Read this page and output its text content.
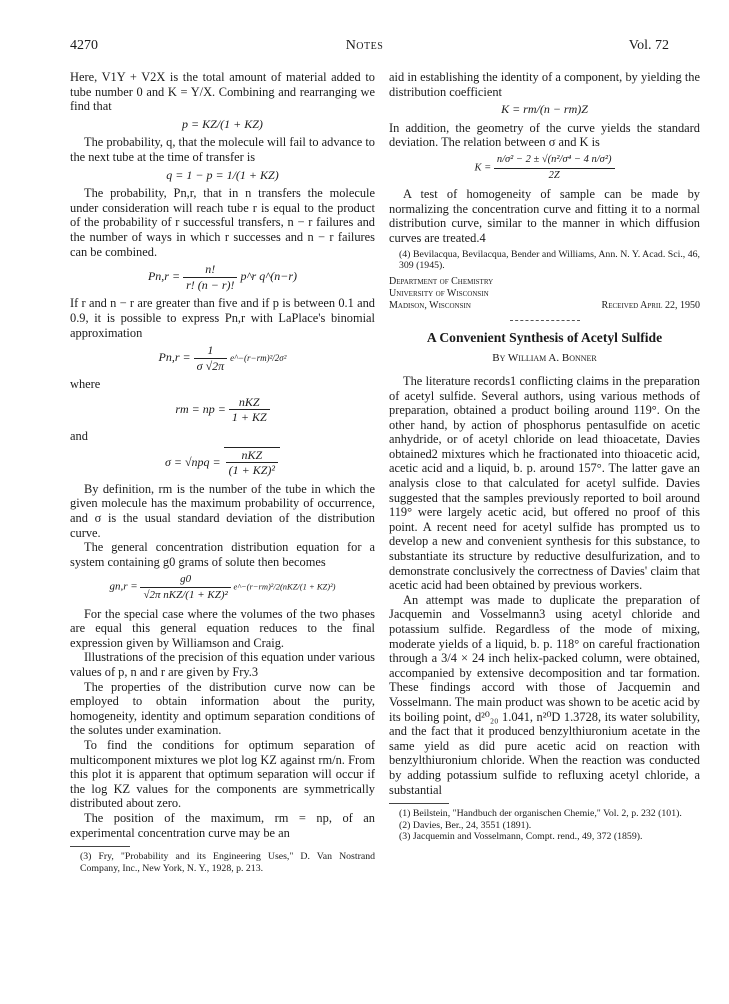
4270	Notes	Vol. 72

Here, V1Y + V2X is the total amount of material added to tube number 0 and K = Y/X. Combining and rearranging we find that

p = KZ/(1 + KZ)

The probability, q, that the molecule will fail to advance to the next tube at the time of transfer is

q = 1 − p = 1/(1 + KZ)

The probability, Pn,r, that in n transfers the molecule under consideration will reach tube r is equal to the product of the probability of r successful transfers, n − r failures and the number of ways in which r successes and n − r failures can be combined.

$Pn,r = \frac{n!}{r! (n - r)!}$ p^r q^(n−r)

If r and n − r are greater than five and if p is between 0.1 and 0.9, it is possible to express Pn,r with LaPlace's binomial approximation

$Pn,r = \frac{1}{\sigma √2\pi}$ e^−(r−rm)²/2σ²

where

rm = np = $\frac{\text{nKZ}}{1 + KZ}$

and

$\sigma = √npq = \frac{\text{nKZ}}{\text{(1 + KZ)²}}$

By definition, rm is the number of the tube in which the given molecule has the maximum probability of occurrence, and σ is the usual standard deviation of the distribution curve.

The general concentration distribution equation for a system containing g0 grams of solute then becomes

$gn,r = \frac{g0}{\text{√2π nKZ/(1 + KZ)²}}$ e^−(r−rm)²/2(nKZ/(1 + KZ)²)

For the special case where the volumes of the two phases are equal this general equation reduces to the final expression given by Williamson and Craig.

Illustrations of the precision of this equation under various values of p, n and r are given by Fry.3

The properties of the distribution curve now can be employed to obtain information about the purity, homogeneity, identity and optimum separation conditions of the solutes under examination.

To find the conditions for optimum separation of multicomponent mixtures we plot log KZ against rm/n. From this plot it is apparent that optimum separation will occur if the log KZ values for the components are symmetrically distributed about zero.

The position of the maximum, rm = np, of an experimental concentration curve may be an

(3) Fry, "Probability and its Engineering Uses," D. Van Nostrand Company, Inc., New York, N. Y., 1928, p. 213.

aid in establishing the identity of a component, by yielding the distribution coefficient

K = rm/(n − rm)Z

In addition, the geometry of the curve yields the standard deviation. The relation between σ and K is

$K = \frac{\text{n/σ² − 2 ± √(n²/σ⁴ − 4 n/σ²)}}{2Z}$

A test of homogeneity of sample can be made by normalizing the concentration curve and fitting it to a normal distribution curve, similar to the manner in which diffusion curves are treated.4

(4) Bevilacqua, Bevilacqua, Bender and Williams, Ann. N. Y. Acad. Sci., 46, 309 (1945).

Department of Chemistry
University of Wisconsin
Madison, Wisconsin	Received April 22, 1950
A Convenient Synthesis of Acetyl Sulfide
By William A. Bonner

The literature records1 conflicting claims in the preparation of acetyl sulfide. Several authors, using various methods of preparation, obtained a product boiling around 119°. On the other hand, by action of phosphorus pentasulfide on acetic anhydride, or of acetyl chloride on lead thioacetate, Davies obtained2 mixtures which he fractionated into thioacetic acid, acetic acid and a liquid, b. p. around 157°. The latter gave an analysis close to that calculated for acetyl sulfide. Davies suggested that the samples previously reported to boil around 119° were largely acetic acid, but offered no proof of this point. A recent need for acetyl sulfide has prompted us to develop a new and convenient synthesis for this substance, to substantiate its structure by reductive desulfurization, and to demonstrate conclusively the correctness of Davies' claim that acetic acid had been obtained by previous workers.

An attempt was made to duplicate the preparation of Jacquemin and Vosselmann3 using acetyl chloride and potassium sulfide. Regardless of the mode of mixing, moderate yields of a liquid, b. p. 118° on careful fractionation through a 3/4 × 24 inch helix-packed column, were obtained, accompanied by extensive decomposition and tar formation. These findings accord with those of Jacquemin and Vosselmann. The main product was shown to be acetic acid by its boiling point, d²⁰₂₀ 1.041, n²⁰D 1.3728, its water solubility, and the fact that it produced benzylthiuronium acetate in the same yield as did pure acetic acid on reaction with benzylthiuronium chloride. When the reaction was conducted by adding potassium sulfide to refluxing acetyl chloride, a substantial

(1) Beilstein, "Handbuch der organischen Chemie," Vol. 2, p. 232 (101).

(2) Davies, Ber., 24, 3551 (1891).

(3) Jacquemin and Vosselmann, Compt. rend., 49, 372 (1859).
